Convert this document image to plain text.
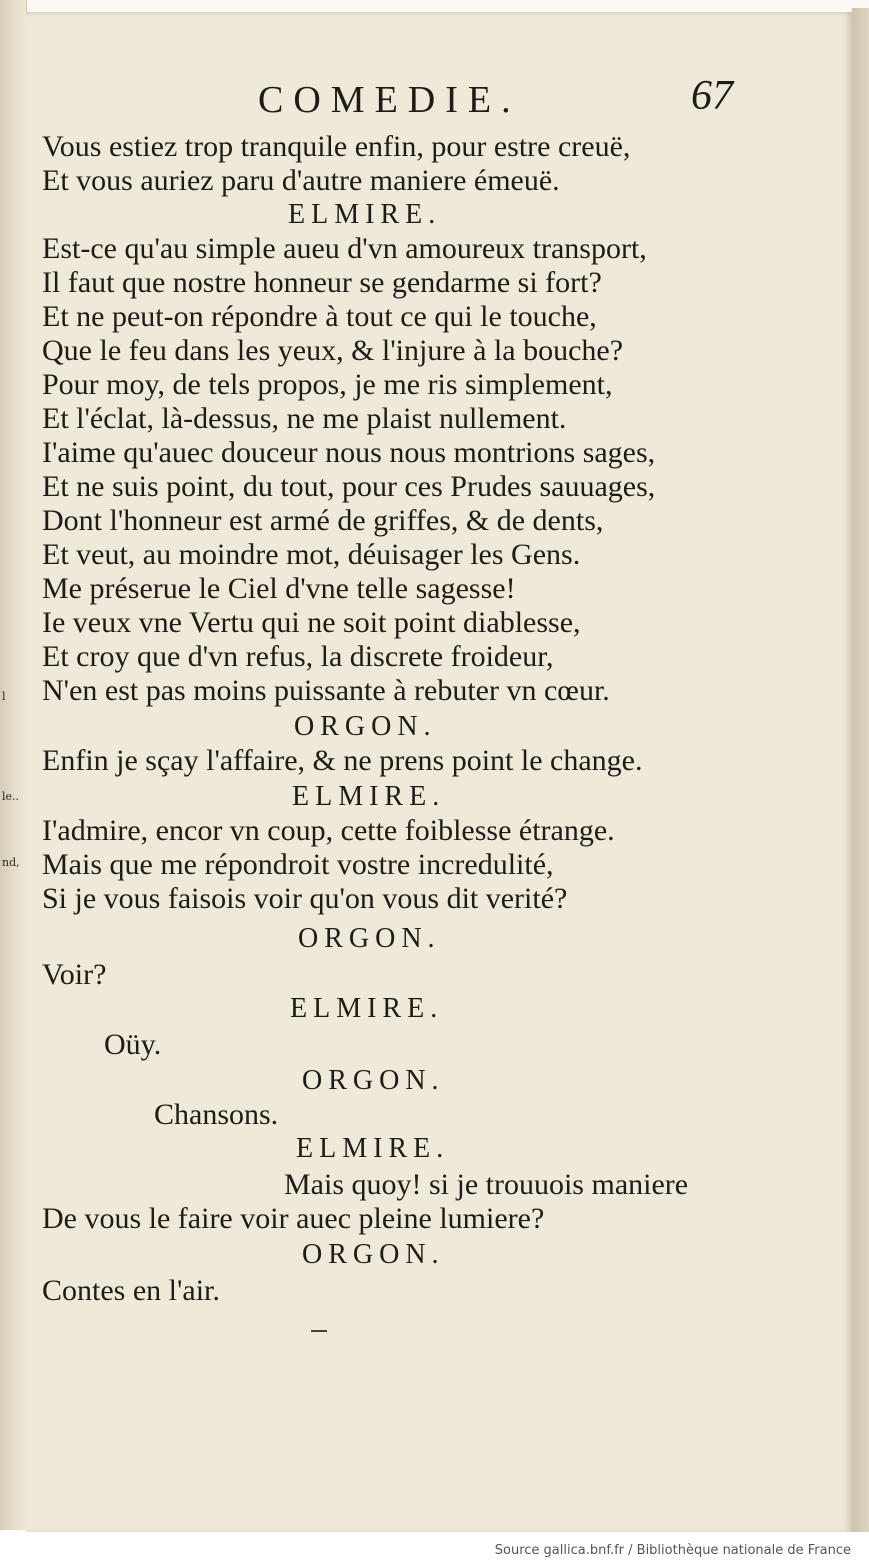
le..
nd,
l
COMEDIE.	67
Vous estiez trop tranquile enfin, pour estre creuë,
Et vous auriez paru d'autre maniere émeuë.
ELMIRE.
Est-ce qu'au simple aueu d'vn amoureux transport,
Il faut que nostre honneur se gendarme si fort?
Et ne peut-on répondre à tout ce qui le touche,
Que le feu dans les yeux, & l'injure à la bouche?
Pour moy, de tels propos, je me ris simplement,
Et l'éclat, là-dessus, ne me plaist nullement.
I'aime qu'auec douceur nous nous montrions sages,
Et ne suis point, du tout, pour ces Prudes sauuages,
Dont l'honneur est armé de griffes, & de dents,
Et veut, au moindre mot, déuisager les Gens.
Me préserue le Ciel d'vne telle sagesse!
Ie veux vne Vertu qui ne soit point diablesse,
Et croy que d'vn refus, la discrete froideur,
N'en est pas moins puissante à rebuter vn cœur.
ORGON.
Enfin je sçay l'affaire, & ne prens point le change.
ELMIRE.
I'admire, encor vn coup, cette foiblesse étrange.
Mais que me répondroit vostre incredulité,
Si je vous faisois voir qu'on vous dit verité?
ORGON.
Voir?
ELMIRE.
Oüy.
ORGON.
Chansons.
ELMIRE.
Mais quoy! si je trouuois maniere
De vous le faire voir auec pleine lumiere?
ORGON.
Contes en l'air.
Source gallica.bnf.fr / Bibliothèque nationale de France
